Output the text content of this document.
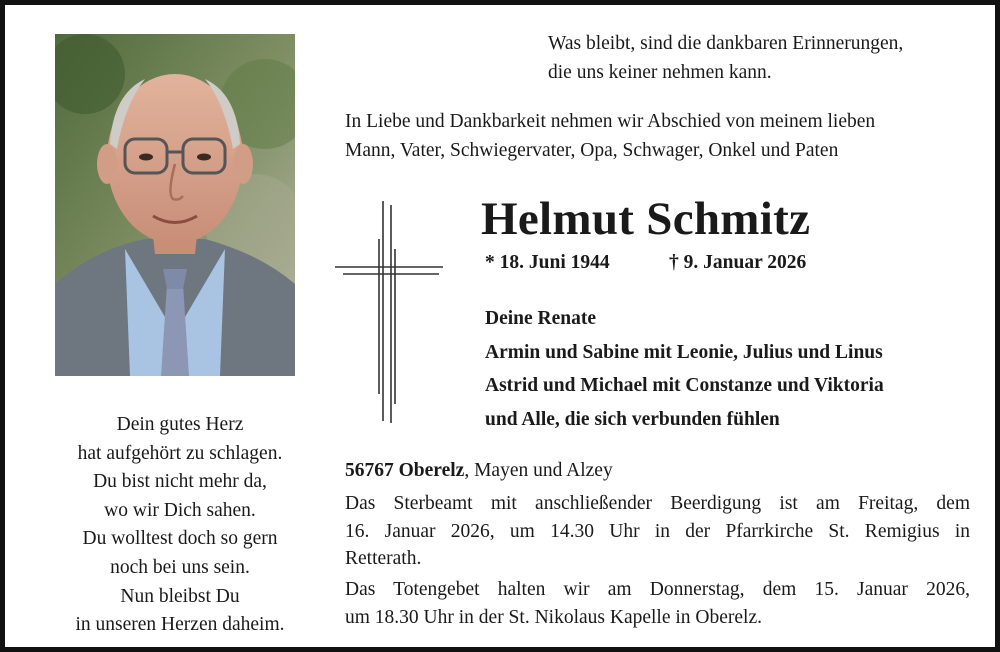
Dein gutes Herz
hat aufgehört zu schlagen.
Du bist nicht mehr da,
wo wir Dich sahen.
Du wolltest doch so gern
noch bei uns sein.
Nun bleibst Du
in unseren Herzen daheim.
Was bleibt, sind die dankbaren Erinnerungen,
die uns keiner nehmen kann.
In Liebe und Dankbarkeit nehmen wir Abschied von meinem lieben
Mann, Vater, Schwiegervater, Opa, Schwager, Onkel und Paten
Helmut Schmitz
* 18. Juni 1944	† 9. Januar 2026
Deine Renate
Armin und Sabine mit Leonie, Julius und Linus
Astrid und Michael mit Constanze und Viktoria
und Alle, die sich verbunden fühlen
56767 Oberelz, Mayen und Alzey
Das Sterbeamt mit anschließender Beerdigung ist am Freitag, dem
16. Januar 2026, um 14.30 Uhr in der Pfarrkirche St. Remigius in
Retterath.
Das Totengebet halten wir am Donnerstag, dem 15. Januar 2026,
um 18.30 Uhr in der St. Nikolaus Kapelle in Oberelz.
